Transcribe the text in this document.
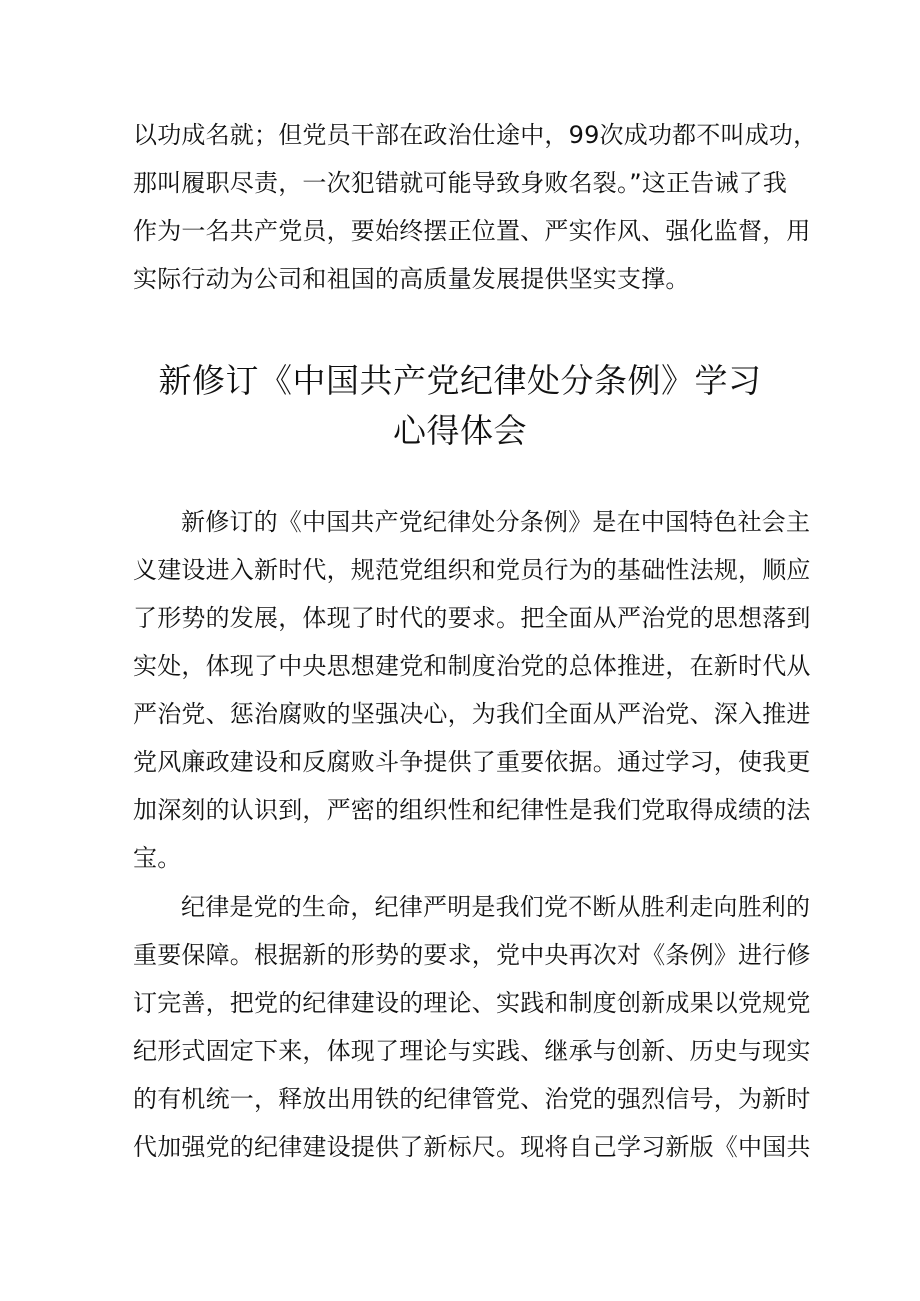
以功成名就；但党员干部在政治仕途中，99次成功都不叫成功，
那叫履职尽责，一次犯错就可能导致身败名裂。”这正告诫了我
作为一名共产党员，要始终摆正位置、严实作风、强化监督，用
实际行动为公司和祖国的高质量发展提供坚实支撑。
新修订《中国共产党纪律处分条例》学习
心得体会
新修订的《中国共产党纪律处分条例》是在中国特色社会主
义建设进入新时代，规范党组织和党员行为的基础性法规，顺应
了形势的发展，体现了时代的要求。把全面从严治党的思想落到
实处，体现了中央思想建党和制度治党的总体推进，在新时代从
严治党、惩治腐败的坚强决心，为我们全面从严治党、深入推进
党风廉政建设和反腐败斗争提供了重要依据。通过学习，使我更
加深刻的认识到，严密的组织性和纪律性是我们党取得成绩的法
宝。
纪律是党的生命，纪律严明是我们党不断从胜利走向胜利的
重要保障。根据新的形势的要求，党中央再次对《条例》进行修
订完善，把党的纪律建设的理论、实践和制度创新成果以党规党
纪形式固定下来，体现了理论与实践、继承与创新、历史与现实
的有机统一，释放出用铁的纪律管党、治党的强烈信号，为新时
代加强党的纪律建设提供了新标尺。现将自己学习新版《中国共
